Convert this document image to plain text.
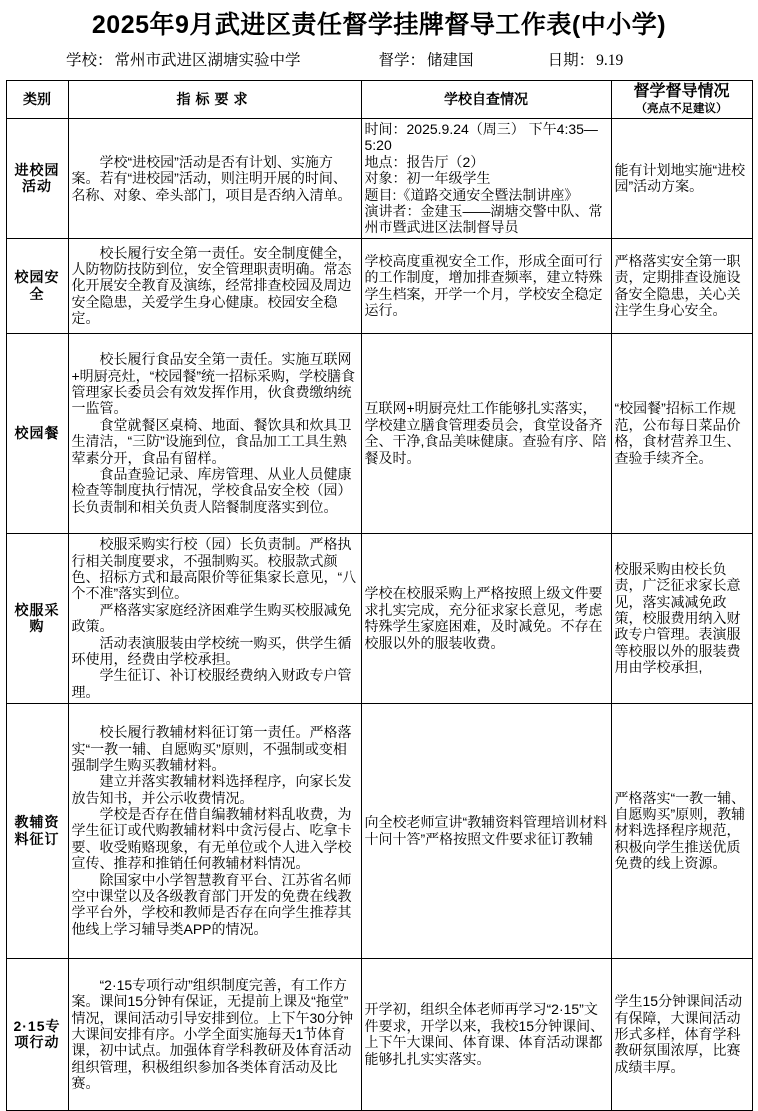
2025年9月武进区责任督学挂牌督导工作表(中小学)
学校： 常州市武进区湖塘实验中学	督学： 储建国	日期： 9.19
类别	指标要求	学校自查情况	督学督导情况
（亮点不足建议）

进校园活动	学校“进校园”活动是否有计划、实施方案。若有“进校园”活动，则注明开展的时间、名称、对象、牵头部门，项目是否纳入清单。	时间：2025.9.24（周三） 下午4:35—5:20

地点：报告厅（2）

对象：初一年级学生

题目:《道路交通安全暨法制讲座》

演讲者：金建玉——湖塘交警中队、常州市暨武进区法制督导员	能有计划地实施“进校园”活动方案。

校园安全	校长履行安全第一责任。安全制度健全，人防物防技防到位，安全管理职责明确。常态化开展安全教育及演练，经常排查校园及周边安全隐患，关爱学生身心健康。校园安全稳定。	学校高度重视安全工作，形成全面可行的工作制度，增加排查频率，建立特殊学生档案，开学一个月，学校安全稳定运行。	严格落实安全第一职责，定期排查设施设备安全隐患，关心关注学生身心安全。

校园餐	校长履行食品安全第一责任。实施互联网+明厨亮灶，“校园餐”统一招标采购，学校膳食管理家长委员会有效发挥作用，伙食费缴纳统一监管。

食堂就餐区桌椅、地面、餐饮具和炊具卫生清洁，“三防”设施到位，食品加工工具生熟荤素分开，食品有留样。

食品查验记录、库房管理、从业人员健康检查等制度执行情况，学校食品安全校（园）长负责制和相关负责人陪餐制度落实到位。	互联网+明厨亮灶工作能够扎实落实，学校建立膳食管理委员会，食堂设备齐全、干净,食品美味健康。查验有序、陪餐及时。	“校园餐”招标工作规范，公布每日菜品价格，食材营养卫生、查验手续齐全。

校服采购	校服采购实行校（园）长负责制。严格执行相关制度要求，不强制购买。校服款式颜色、招标方式和最高限价等征集家长意见，“八个不准”落实到位。

严格落实家庭经济困难学生购买校服减免政策。

活动表演服装由学校统一购买，供学生循环使用，经费由学校承担。

学生征订、补订校服经费纳入财政专户管理。	学校在校服采购上严格按照上级文件要求扎实完成，充分征求家长意见，考虑特殊学生家庭困难，及时减免。不存在校服以外的服装收费。	校服采购由校长负责，广泛征求家长意见，落实减减免政策，校服费用纳入财政专户管理。表演服等校服以外的服装费用由学校承担,

教辅资料征订	校长履行教辅材料征订第一责任。严格落实“一教一辅、自愿购买”原则，不强制或变相强制学生购买教辅材料。

建立并落实教辅材料选择程序，向家长发放告知书，并公示收费情况。

学校是否存在借自编教辅材料乱收费，为学生征订或代购教辅材料中贪污侵占、吃拿卡要、收受贿赂现象，有无单位或个人进入学校宣传、推荐和推销任何教辅材料情况。

除国家中小学智慧教育平台、江苏省名师空中课堂以及各级教育部门开发的免费在线教学平台外，学校和教师是否存在向学生推荐其他线上学习辅导类APP的情况。	向全校老师宣讲“教辅资料管理培训材料十问十答”严格按照文件要求征订教辅	严格落实“一教一辅、自愿购买”原则，教辅材料选择程序规范，积极向学生推送优质免费的线上资源。

2·15专项行动	“2·15专项行动”组织制度完善，有工作方案。课间15分钟有保证，无提前上课及“拖堂”情况，课间活动引导安排到位。上下午30分钟大课间安排有序。小学全面实施每天1节体育课，初中试点。加强体育学科教研及体育活动组织管理，积极组织参加各类体育活动及比赛。	开学初，组织全体老师再学习“2·15”文件要求，开学以来，我校15分钟课间、上下午大课间、体育课、体育活动课都能够扎扎实实落实。	学生15分钟课间活动有保障，大课间活动形式多样，体育学科教研氛围浓厚，比赛成绩丰厚。
